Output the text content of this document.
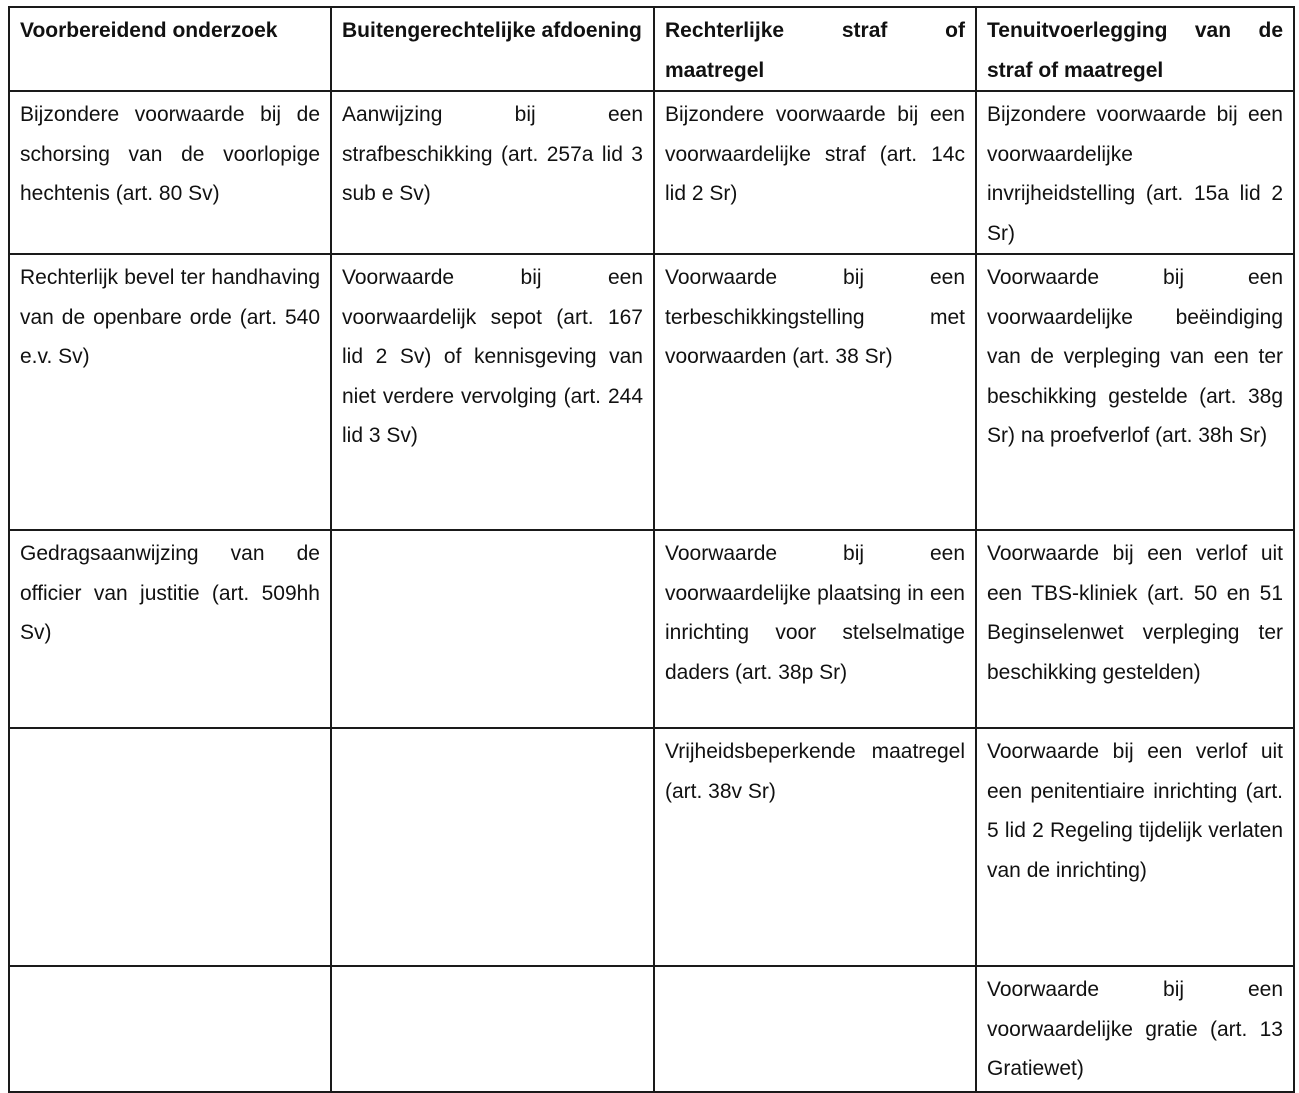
Voorbereidend onderzoek	Buitengerechtelijke afdoening	Rechterlijke straf of maatregel	Tenuitvoerlegging van de straf of maatregel
Bijzondere voorwaarde bij de schorsing van de voorlopige hechtenis (art. 80 Sv)	Aanwijzing bij een strafbeschikking (art. 257a lid 3 sub e Sv)	Bijzondere voorwaarde bij een voorwaardelijke straf (art. 14c lid 2 Sr)	Bijzondere voorwaarde bij een voorwaardelijke invrijheidstelling (art. 15a lid 2 Sr)
Rechterlijk bevel ter handhaving van de openbare orde (art. 540 e.v. Sv)	Voorwaarde bij een voorwaardelijk sepot (art. 167 lid 2 Sv) of kennisgeving van niet verdere vervolging (art. 244 lid 3 Sv)	Voorwaarde bij een terbeschikkingstelling met voorwaarden (art. 38 Sr)	Voorwaarde bij een voorwaardelijke beëindiging van de verpleging van een ter beschikking gestelde (art. 38g Sr) na proefverlof (art. 38h Sr)
Gedragsaanwijzing van de officier van justitie (art. 509hh Sv)		Voorwaarde bij een voorwaardelijke plaatsing in een inrichting voor stelselmatige daders (art. 38p Sr)	Voorwaarde bij een verlof uit een TBS-kliniek (art. 50 en 51 Beginselenwet verpleging ter beschikking gestelden)
		Vrijheidsbeperkende maatregel (art. 38v Sr)	Voorwaarde bij een verlof uit een penitentiaire inrichting (art. 5 lid 2 Regeling tijdelijk verlaten van de inrichting)
			Voorwaarde bij een voorwaardelijke gratie (art. 13 Gratiewet)
